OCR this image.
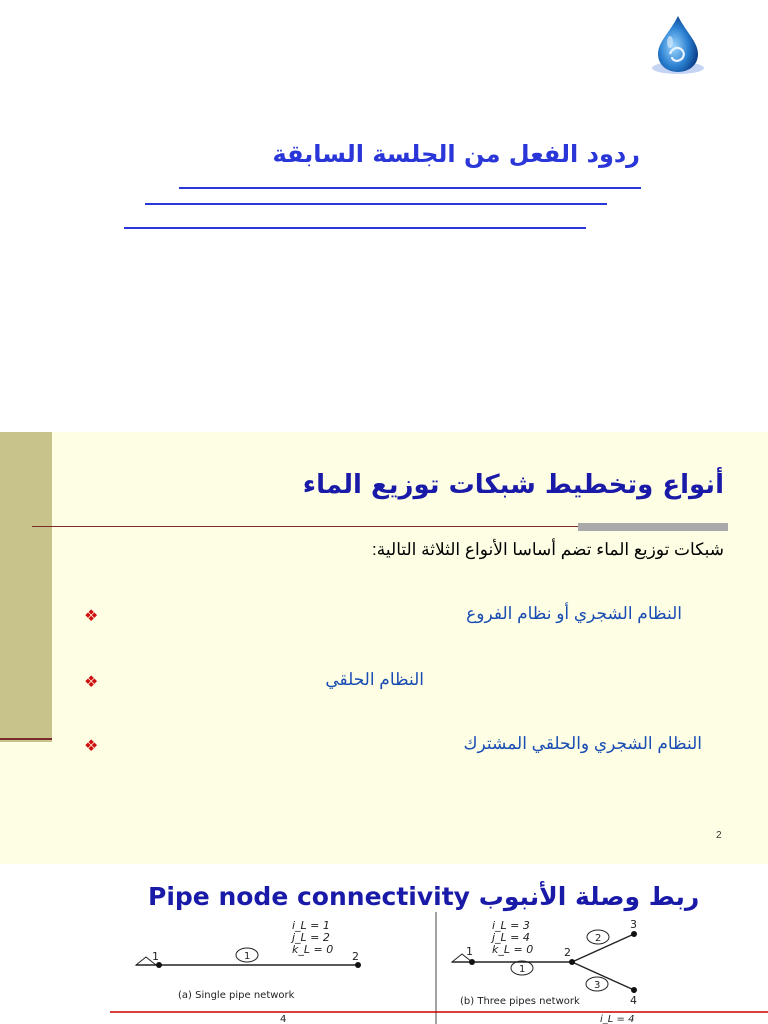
ردود الفعل من الجلسة السابقة
أنواع وتخطيط شبكات توزيع الماء
شبكات توزيع الماء تضم أساسا الأنواع الثلاثة التالية:
النظام الشجري أو نظام الفروع
❖
النظام الحلقي
❖
النظام الشجري والحلقي المشترك
❖
2
Pipe node connectivity ربط وصلة الأنبوب
i_L = 1
j_L = 2
k_L = 0
1	2
1
(a) Single pipe network
4
i_L = 3
j_L = 4
k_L = 0
1	2
3
4
1
2
3
(b) Three pipes network
i_L = 4
